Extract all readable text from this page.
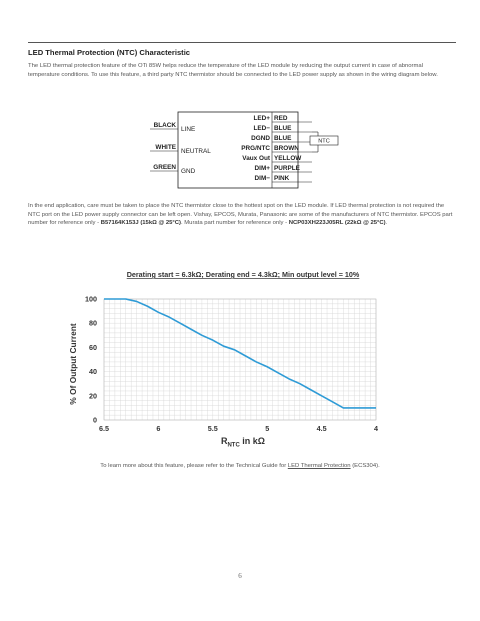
LED Thermal Protection (NTC) Characteristic

The LED thermal protection feature of the OTi 85W helps reduce the temperature of the LED module by reducing the output current in case of abnormal temperature conditions. To use this feature, a third party NTC thermistor should be connected to the LED power supply as shown in the wiring diagram below.

BLACK
WHITE
GREEN
LINE
NEUTRAL
GND
LED+
LED−
DGND
PRG/NTC
Vaux Out
DIM+
DIM−
RED
BLUE
BLUE
BROWN
YELLOW
PURPLE
PINK
NTC

In the end application, care must be taken to place the NTC thermistor close to the hottest spot on the LED module. If LED thermal protection is not required the NTC port on the LED power supply connector can be left open. Vishay, EPCOS, Murata, Panasonic are some of the manufacturers of NTC thermistor. EPCOS part number for reference only - B57164K153J (15kΩ @ 25°C). Murata part number for reference only - NCP03XH223J05RL (22kΩ @ 25°C).

Derating start = 6.3kΩ; Derating end = 4.3kΩ; Min output level = 10%
% Of Output Current
0
20
40
60
80
100
6.5	6	5.5	5	4.5	4
$R_{NTC}$ in kΩ
To learn more about this feature, please refer to the Technical Guide for LED Thermal Protection (ECS304).
6
